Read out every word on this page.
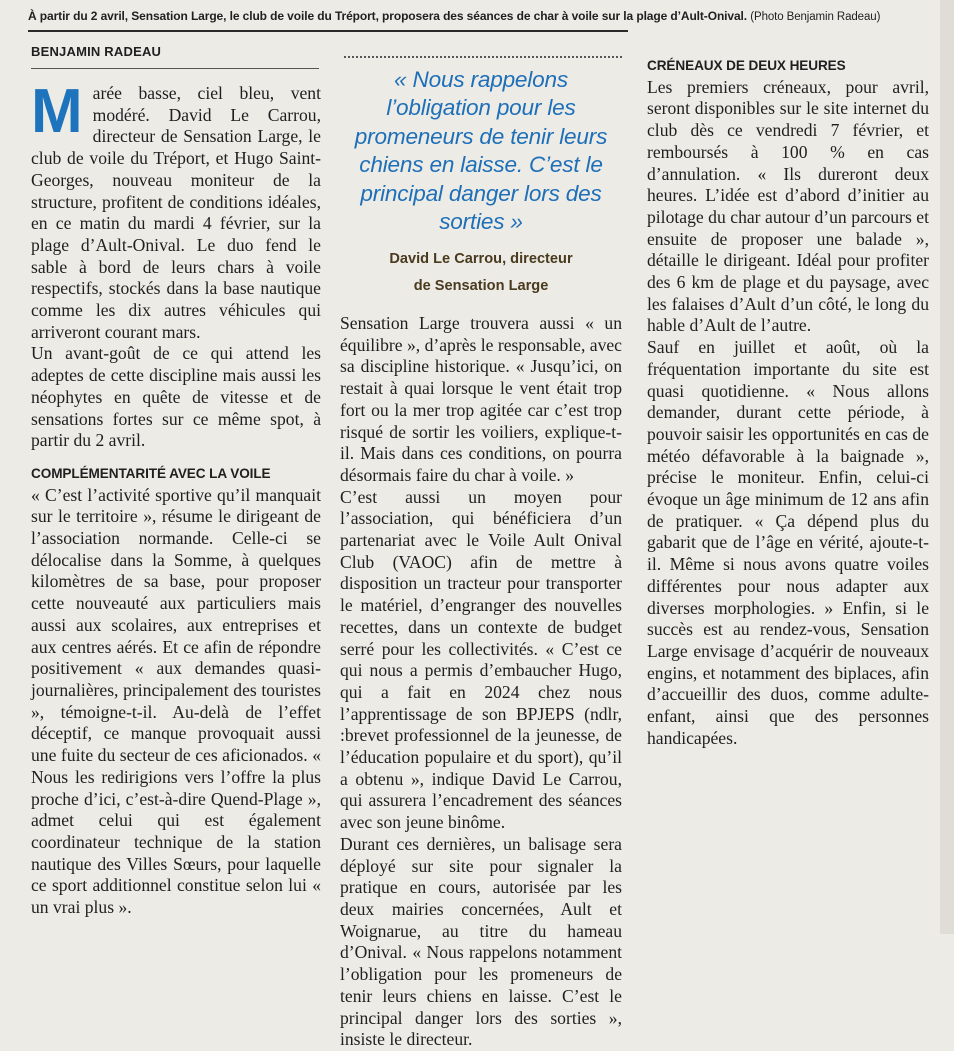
À partir du 2 avril, Sensation Large, le club de voile du Tréport, proposera des séances de char à voile sur la plage d’Ault-Onival. (Photo Benjamin Radeau)
BENJAMIN RADEAU

Marée basse, ciel bleu, vent modéré. David Le Carrou, directeur de Sensation Large, le club de voile du Tréport, et Hugo Saint-Georges, nouveau moniteur de la structure, profitent de conditions idéales, en ce matin du mardi 4 février, sur la plage d’Ault-Onival. Le duo fend le sable à bord de leurs chars à voile respectifs, stockés dans la base nautique comme les dix autres véhicules qui arriveront courant mars.

Un avant-goût de ce qui attend les adeptes de cette discipline mais aussi les néophytes en quête de vitesse et de sensations fortes sur ce même spot, à partir du 2 avril.

COMPLÉMENTARITÉ AVEC LA VOILE

« C’est l’activité sportive qu’il manquait sur le territoire », résume le dirigeant de l’association normande. Celle-ci se délocalise dans la Somme, à quelques kilomètres de sa base, pour proposer cette nouveauté aux particuliers mais aussi aux scolaires, aux entreprises et aux centres aérés. Et ce afin de répondre positivement « aux demandes quasi-journalières, principalement des touristes », témoigne-t-il. Au-delà de l’effet déceptif, ce manque provoquait aussi une fuite du secteur de ces aficionados. « Nous les redirigions vers l’offre la plus proche d’ici, c’est-à-dire Quend-Plage », admet celui qui est également coordinateur technique de la station nautique des Villes Sœurs, pour laquelle ce sport additionnel constitue selon lui « un vrai plus ».

« Nous rappelons l’obligation pour les promeneurs de tenir leurs chiens en laisse. C’est le principal danger lors des sorties »
David Le Carrou, directeur
de Sensation Large

Sensation Large trouvera aussi « un équilibre », d’après le responsable, avec sa discipline historique. « Jusqu’ici, on restait à quai lorsque le vent était trop fort ou la mer trop agitée car c’est trop risqué de sortir les voiliers, explique-t-il. Mais dans ces conditions, on pourra désormais faire du char à voile. »

C’est aussi un moyen pour l’association, qui bénéficiera d’un partenariat avec le Voile Ault Onival Club (VAOC) afin de mettre à disposition un tracteur pour transporter le matériel, d’engranger des nouvelles recettes, dans un contexte de budget serré pour les collectivités. « C’est ce qui nous a permis d’embaucher Hugo, qui a fait en 2024 chez nous l’apprentissage de son BPJEPS (ndlr, :brevet professionnel de la jeunesse, de l’éducation populaire et du sport), qu’il a obtenu », indique David Le Carrou, qui assurera l’encadrement des séances avec son jeune binôme.

Durant ces dernières, un balisage sera déployé sur site pour signaler la pratique en cours, autorisée par les deux mairies concernées, Ault et Woignarue, au titre du hameau d’Onival. « Nous rappelons notamment l’obligation pour les promeneurs de tenir leurs chiens en laisse. C’est le principal danger lors des sorties », insiste le directeur.

CRÉNEAUX DE DEUX HEURES

Les premiers créneaux, pour avril, seront disponibles sur le site internet du club dès ce vendredi 7 février, et remboursés à 100 % en cas d’annulation. « Ils dureront deux heures. L’idée est d’abord d’initier au pilotage du char autour d’un parcours et ensuite de proposer une balade », détaille le dirigeant. Idéal pour profiter des 6 km de plage et du paysage, avec les falaises d’Ault d’un côté, le long du hable d’Ault de l’autre.

Sauf en juillet et août, où la fréquentation importante du site est quasi quotidienne. « Nous allons demander, durant cette période, à pouvoir saisir les opportunités en cas de météo défavorable à la baignade », précise le moniteur. Enfin, celui-ci évoque un âge minimum de 12 ans afin de pratiquer. « Ça dépend plus du gabarit que de l’âge en vérité, ajoute-t-il. Même si nous avons quatre voiles différentes pour nous adapter aux diverses morphologies. » Enfin, si le succès est au rendez-vous, Sensation Large envisage d’acquérir de nouveaux engins, et notamment des biplaces, afin d’accueillir des duos, comme adulte-enfant, ainsi que des personnes handicapées.
